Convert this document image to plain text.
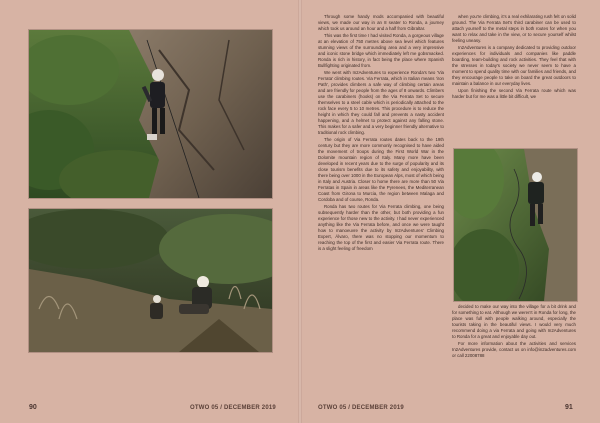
90	OTWO 05 / DECEMBER 2019

Through some handy mods accompanied with beautiful views, we made our way in an 8 seater to Ronda, a journey which took us around an hour and a half from Gibraltar.

This was the first time I had visited Ronda, a gorgeous village at an elevation of 750 metres above sea level which features stunning views of the surrounding area and a very impressive and iconic stone bridge which immediately left me gobsmacked. Ronda is rich in history, in fact being the place where Spanish Bullfighting originated from.

We went with In2Adventures to experience Ronda's two 'Via Ferrata' climbing routes. Via Ferrata, which in Italian means 'iron Path', provides climbers a safe way of climbing certain areas and are friendly for people from the ages of 8 onwards. Climbers use the carabiners (hooks) on the Via Ferrata Set to secure themselves to a steel cable which is periodically attached to the rock face every 5 to 10 metres. This procedure is to reduce the height in which they could fall and prevents a nasty accident happening, and a helmet to protect against any falling stone. This makes for a safer and a very beginner friendly alternative to traditional rock climbing.

The origin of Via Ferrata routes dates back to the 19th century but they are more commonly recognised to have aided the movement of troops during the First World War in the Dolomite mountain region of Italy. Many more have been developed in recent years due to the surge of popularity and its close tourism benefits due to its safety and enjoyability, with there being over 1000 in the European Alps, most of which being in Italy and Austria. Closer to home there are more than 50 Via Ferratas in Spain in areas like the Pyrenees, the Mediterranean Coast from Girona to Murcia, the region between Malaga and Cordoba and of course, Ronda.

Ronda has two routes for Via Ferrata climbing, one being subsequently harder than the other, but both providing a fun experience for those new to the activity. I had never experienced anything like the Via Ferrata before, and once we were taught how to manoeuvre the activity by In2Adventures' Climbing Expert, Álvaro, there was no stopping our momentum to reaching the top of the first and easier Via Ferrata route. There is a slight feeling of freedom

when you're climbing, it's a real exhilarating rush felt on solid ground. The Via Ferrata Set's third carabiner can be used to attach yourself to the metal steps in both routes for when you want to relax and take in the view, or to secure yourself whilst feeling uneasy.

In2Adventures is a company dedicated to providing outdoor experiences for individuals and companies like paddle boarding, team-building and rock activities. They feel that with the stresses in today's society we never seem to have a moment to spend quality time with our families and friends, and they encourage people to take on board the great outdoors to maintain a balance in our everyday lives.

Upon finishing the second Via Ferrata route which was harder but for me was a little bit difficult, we

decided to make our way into the village for a bit drink and for something to eat. Although we weren't in Ronda for long, the place was full with people walking around, especially the tourists taking in the beautiful views. I would very much recommend doing a via Ferrata and going with In2Adventures to Ronda for a great and enjoyable day out.

For more information about the activities and services In2Adventures provide, contact us on info@in2adventures.com or call 22008788

OTWO 05 / DECEMBER 2019	91
